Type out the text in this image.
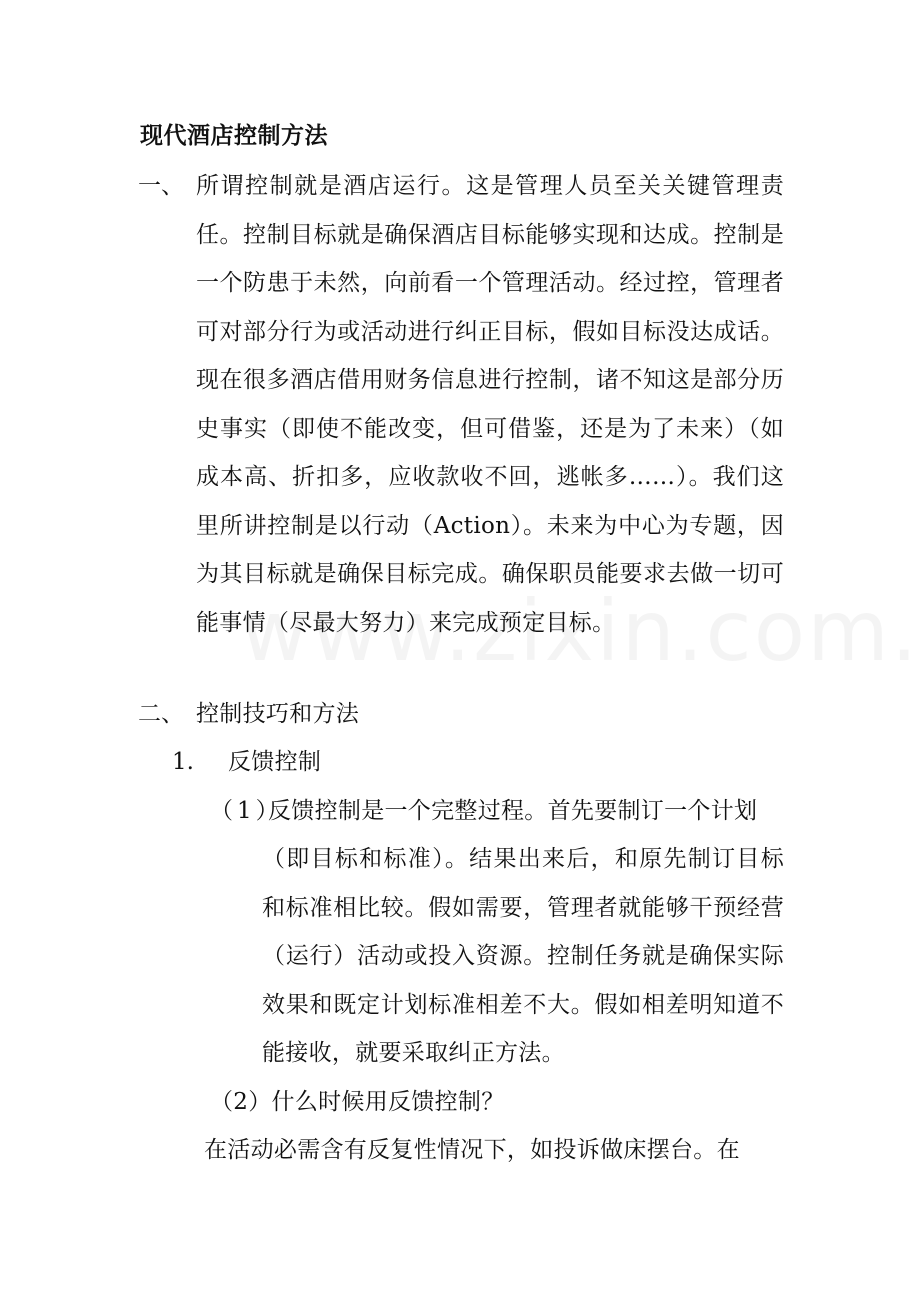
现代酒店控制方法
一、 所谓控制就是酒店运行。这是管理人员至关关键管理责任。控制目标就是确保酒店目标能够实现和达成。控制是一个防患于未然，向前看一个管理活动。经过控，管理者可对部分行为或活动进行纠正目标，假如目标没达成话。现在很多酒店借用财务信息进行控制，诸不知这是部分历史事实（即使不能改变，但可借鉴，还是为了未来）（如成本高、折扣多，应收款收不回，逃帐多……）。我们这里所讲控制是以行动（Action）。未来为中心为专题，因为其目标就是确保目标完成。确保职员能要求去做一切可能事情（尽最大努力）来完成预定目标。
二、 控制技巧和方法
1. 反馈控制
（1）
反馈控制是一个完整过程。首先要制订一个计划
（即目标和标准）。结果出来后，和原先制订目标和标准相比较。假如需要，管理者就能够干预经营（运行）活动或投入资源。控制任务就是确保实际效果和既定计划标准相差不大。假如相差明知道不能接收，就要采取纠正方法。
（2）什么时候用反馈控制？
在活动必需含有反复性情况下，如投诉做床摆台。在
